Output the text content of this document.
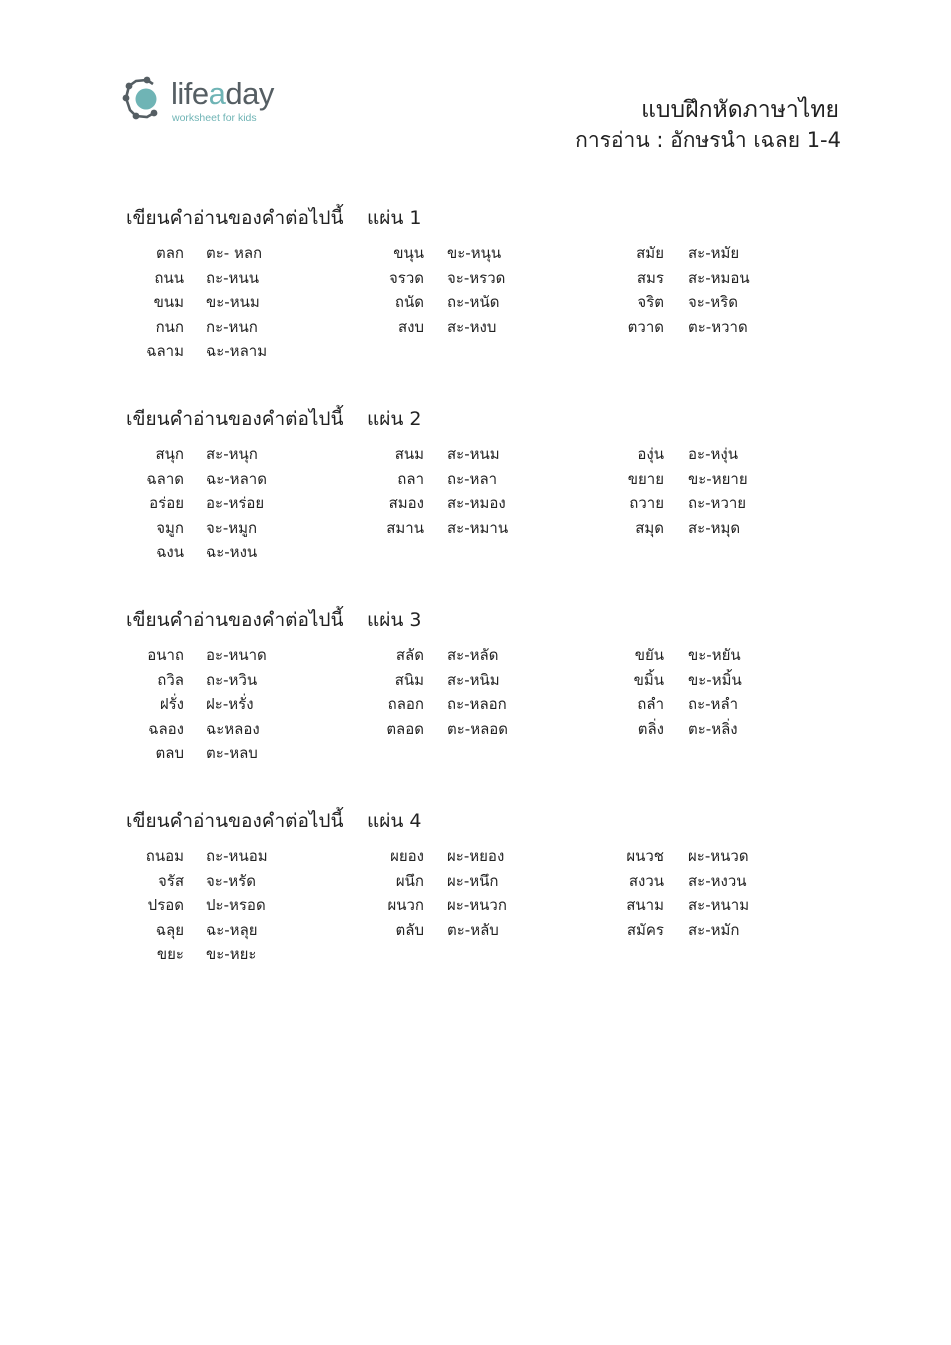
lifeaday
worksheet for kids	แบบฝึกหัดภาษาไทย
การอ่าน : อักษรนำ เฉลย 1-4
เขียนคำอ่านของคำต่อไปนี้ แผ่น 1
ตลก ตะ- หลก	ขนุน ขะ-หนุน	สมัย สะ-หมัย
ถนน ถะ-หนน	จรวด จะ-หรวด	สมร สะ-หมอน
ขนม ขะ-หนม	ถนัด ถะ-หนัด	จริต จะ-หริด
กนก กะ-หนก	สงบ สะ-หงบ	ตวาด ตะ-หวาด
ฉลาม ฉะ-หลาม
เขียนคำอ่านของคำต่อไปนี้ แผ่น 2
สนุก สะ-หนุก	สนม สะ-หนม	องุ่น อะ-หงุ่น
ฉลาด ฉะ-หลาด	ถลา ถะ-หลา	ขยาย ขะ-หยาย
อร่อย อะ-หร่อย	สมอง สะ-หมอง	ถวาย ถะ-หวาย
จมูก จะ-หมูก	สมาน สะ-หมาน	สมุด สะ-หมุด
ฉงน ฉะ-หงน
เขียนคำอ่านของคำต่อไปนี้ แผ่น 3
อนาถ อะ-หนาด	สลัด สะ-หลัด	ขยัน ขะ-หยัน
ถวิล ถะ-หวิน	สนิม สะ-หนิม	ขมิ้น ขะ-หมิ้น
ฝรั่ง ฝะ-หรั่ง	ถลอก ถะ-หลอก	ถลำ ถะ-หลำ
ฉลอง ฉะหลอง	ตลอด ตะ-หลอด	ตลิ่ง ตะ-หลิ่ง
ตลบ ตะ-หลบ
เขียนคำอ่านของคำต่อไปนี้ แผ่น 4
ถนอม ถะ-หนอม	ผยอง ผะ-หยอง	ผนวช ผะ-หนวด
จรัส จะ-หรัด	ผนึก ผะ-หนึก	สงวน สะ-หงวน
ปรอด ปะ-หรอด	ผนวก ผะ-หนวก	สนาม สะ-หนาม
ฉลุย ฉะ-หลุย	ตลับ ตะ-หลับ	สมัคร สะ-หมัก
ขยะ ขะ-หยะ
